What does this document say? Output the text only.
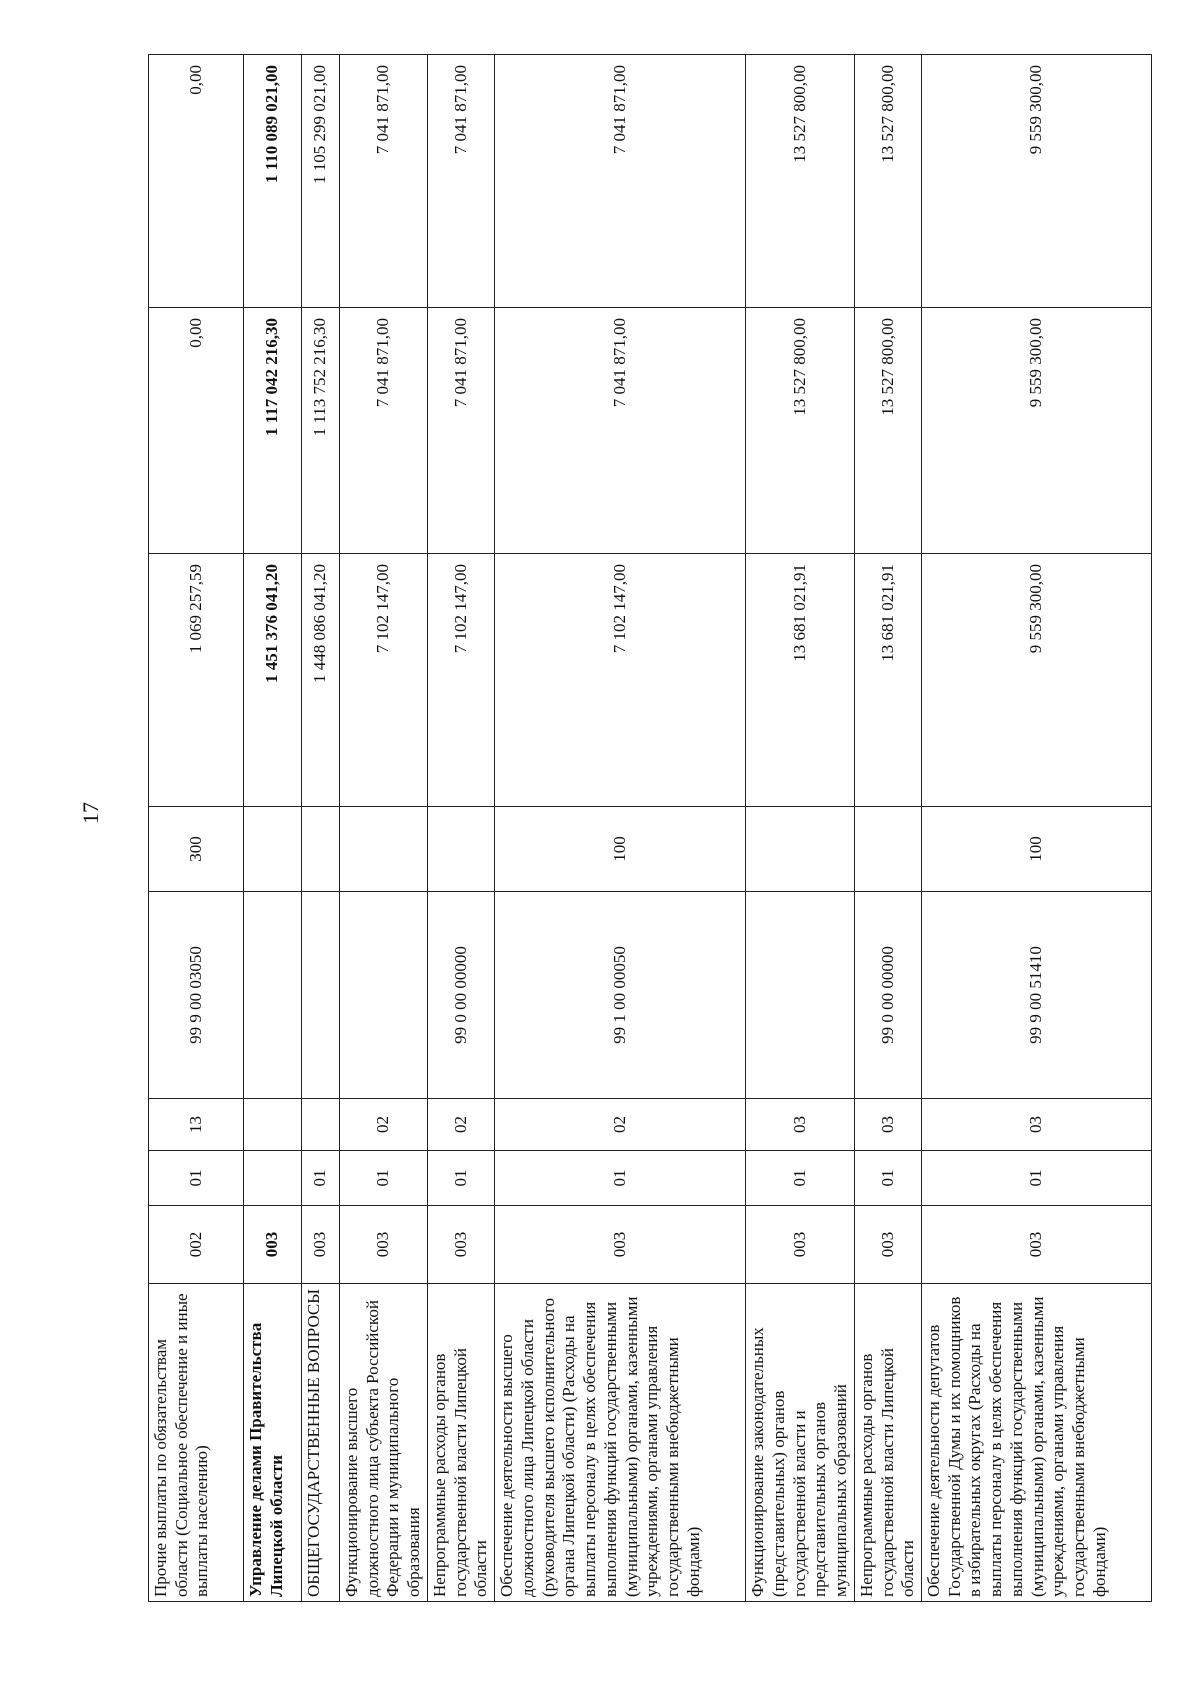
17
Прочие выплаты по обязательствам области (Социальное обеспечение и иные выплаты населению)	002	01	13	99 9 00 03050	300	1 069 257,59	0,00	0,00
Управление делами Правительства Липецкой области	003					1 451 376 041,20	1 117 042 216,30	1 110 089 021,00
ОБЩЕГОСУДАРСТВЕННЫЕ ВОПРОСЫ	003	01				1 448 086 041,20	1 113 752 216,30	1 105 299 021,00
Функционирование высшего должностного лица субъекта Российской Федерации и муниципального образования	003	01	02			7 102 147,00	7 041 871,00	7 041 871,00
Непрограммные расходы органов государственной власти Липецкой области	003	01	02	99 0 00 00000		7 102 147,00	7 041 871,00	7 041 871,00
Обеспечение деятельности высшего должностного лица Липецкой области (руководителя высшего исполнительного органа Липецкой области) (Расходы на выплаты персоналу в целях обеспечения выполнения функций государственными (муниципальными) органами, казенными учреждениями, органами управления государственными внебюджетными фондами)	003	01	02	99 1 00 00050	100	7 102 147,00	7 041 871,00	7 041 871,00
Функционирование законодательных (представительных) органов государственной власти и представительных органов муниципальных образований	003	01	03			13 681 021,91	13 527 800,00	13 527 800,00
Непрограммные расходы органов государственной власти Липецкой области	003	01	03	99 0 00 00000		13 681 021,91	13 527 800,00	13 527 800,00
Обеспечение деятельности депутатов Государственной Думы и их помощников в избирательных округах (Расходы на выплаты персоналу в целях обеспечения выполнения функций государственными (муниципальными) органами, казенными учреждениями, органами управления государственными внебюджетными фондами)	003	01	03	99 9 00 51410	100	9 559 300,00	9 559 300,00	9 559 300,00
